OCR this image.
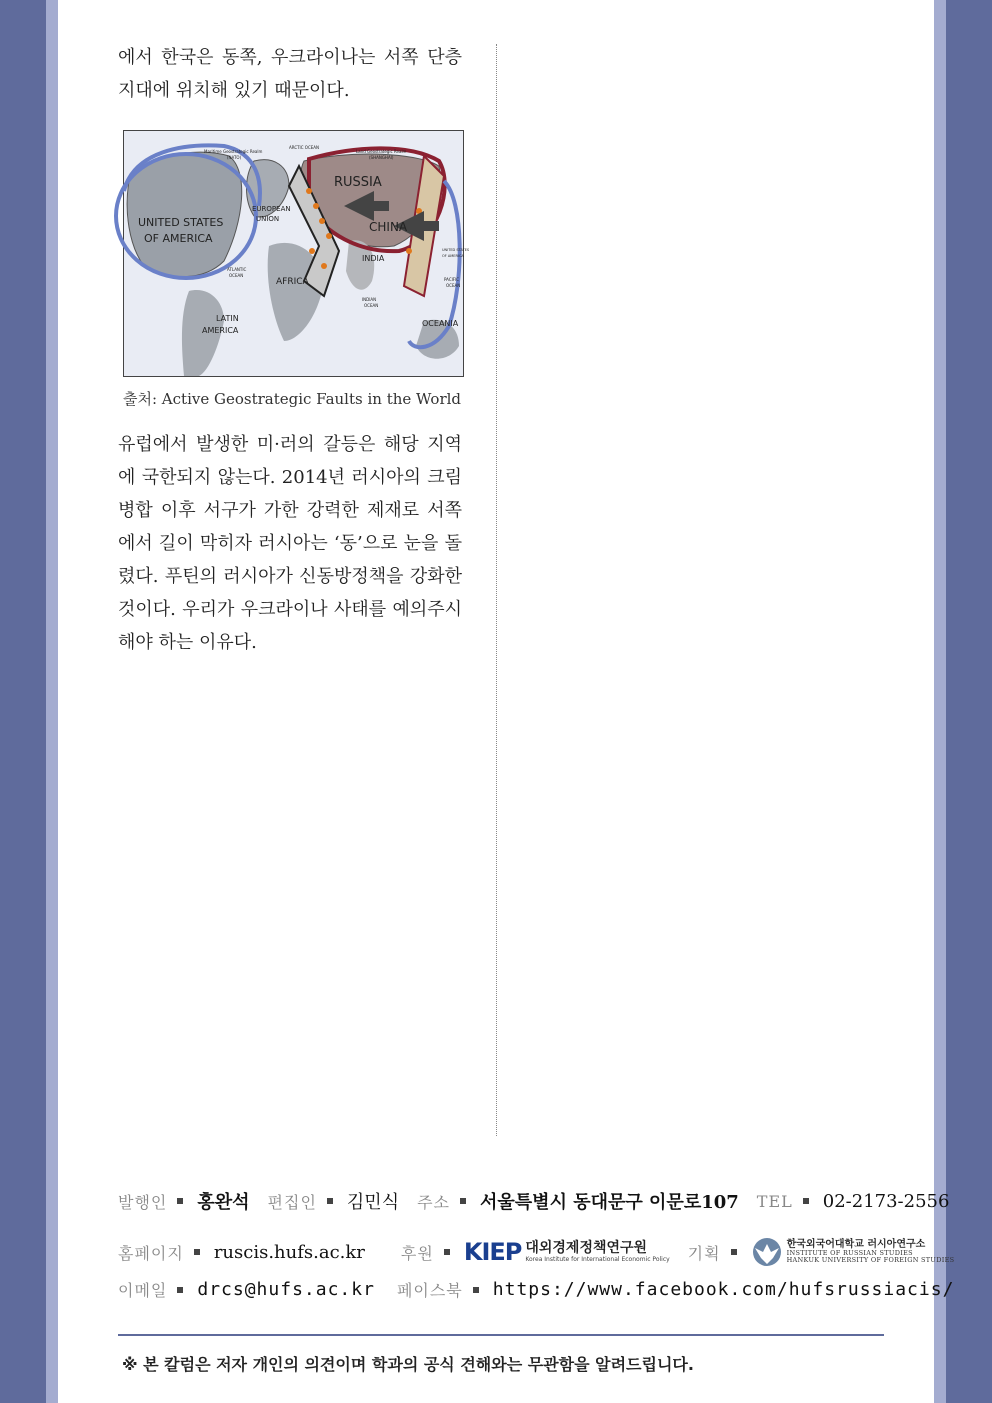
에서 한국은 동쪽, 우크라이나는 서쪽 단층 지대에 위치해 있기 때문이다.

UNITED STATES
OF AMERICA
EUROPEAN
UNION
RUSSIA
CHINA
INDIA
AFRICA
LATIN
AMERICA
OCEANIA
ARCTIC OCEAN
ATLANTIC
OCEAN
INDIAN
OCEAN
PACIFIC
OCEAN
UNITED STATES
OF AMERICA
Maritime Geostrategic Realm
(NATO)
Land Geostrategic Realm
(SHANGHAI)
출처: Active Geostrategic Faults in the World

유럽에서 발생한 미·러의 갈등은 해당 지역에 국한되지 않는다. 2014년 러시아의 크림병합 이후 서구가 가한 강력한 제재로 서쪽에서 길이 막히자 러시아는 ‘동’으로 눈을 돌렸다. 푸틴의 러시아가 신동방정책을 강화한 것이다. 우리가 우크라이나 사태를 예의주시해야 하는 이유다.

발행인 홍완석 편집인 김민식 주소 서울특별시 동대문구 이문로107 TEL 02-2173-2556
홈페이지 ruscis.hufs.ac.kr 후원 KIEP 대외경제정책연구원
Korea Institute for International Economic Policy 기획	한국외국어대학교 러시아연구소
INSTITUTE OF RUSSIAN STUDIES
HANKUK UNIVERSITY OF FOREIGN STUDIES
이메일 drcs@hufs.ac.kr 페이스북 https://www.facebook.com/hufsrussiacis/
※ 본 칼럼은 저자 개인의 의견이며 학과의 공식 견해와는 무관함을 알려드립니다.
